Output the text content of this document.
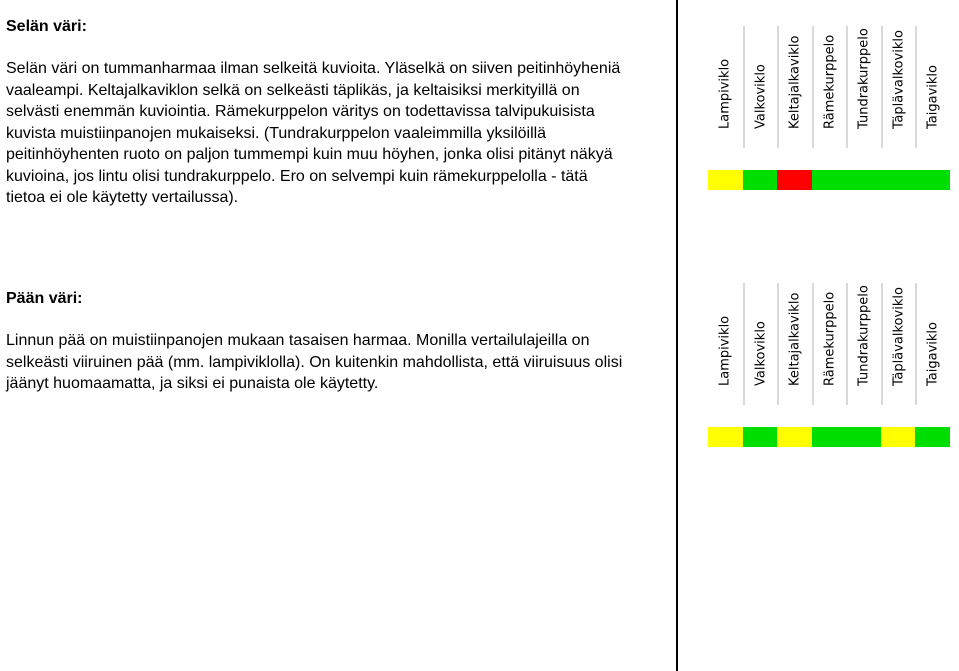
Selän väri:
Selän väri on tummanharmaa ilman selkeitä kuvioita. Yläselkä on siiven peitinhöyheniä vaaleampi. Keltajalkaviklon selkä on selkeästi täplikäs, ja keltaisiksi merkityillä on selvästi enemmän kuviointia. Rämekurppelon väritys on todettavissa talvipukuisista kuvista muistiinpanojen mukaiseksi. (Tundrakurppelon vaaleimmilla yksilöillä peitinhöyhenten ruoto on paljon tummempi kuin muu höyhen, jonka olisi pitänyt näkyä kuvioina, jos lintu olisi tundrakurppelo. Ero on selvempi kuin rämekurppelolla - tätä tietoa ei ole käytetty vertailussa).
Pään väri:
Linnun pää on muistiinpanojen mukaan tasaisen harmaa. Monilla vertailulajeilla on selkeästi viiruinen pää (mm. lampiviklolla). On kuitenkin mahdollista, että viiruisuus olisi jäänyt huomaamatta, ja siksi ei punaista ole käytetty.
Lampiviklo Valkoviklo Keltajalkaviklo Rämekurppelo Tundrakurppelo Täplävalkoviklo Taigaviklo
Lampiviklo Valkoviklo Keltajalkaviklo Rämekurppelo Tundrakurppelo Täplävalkoviklo Taigaviklo
